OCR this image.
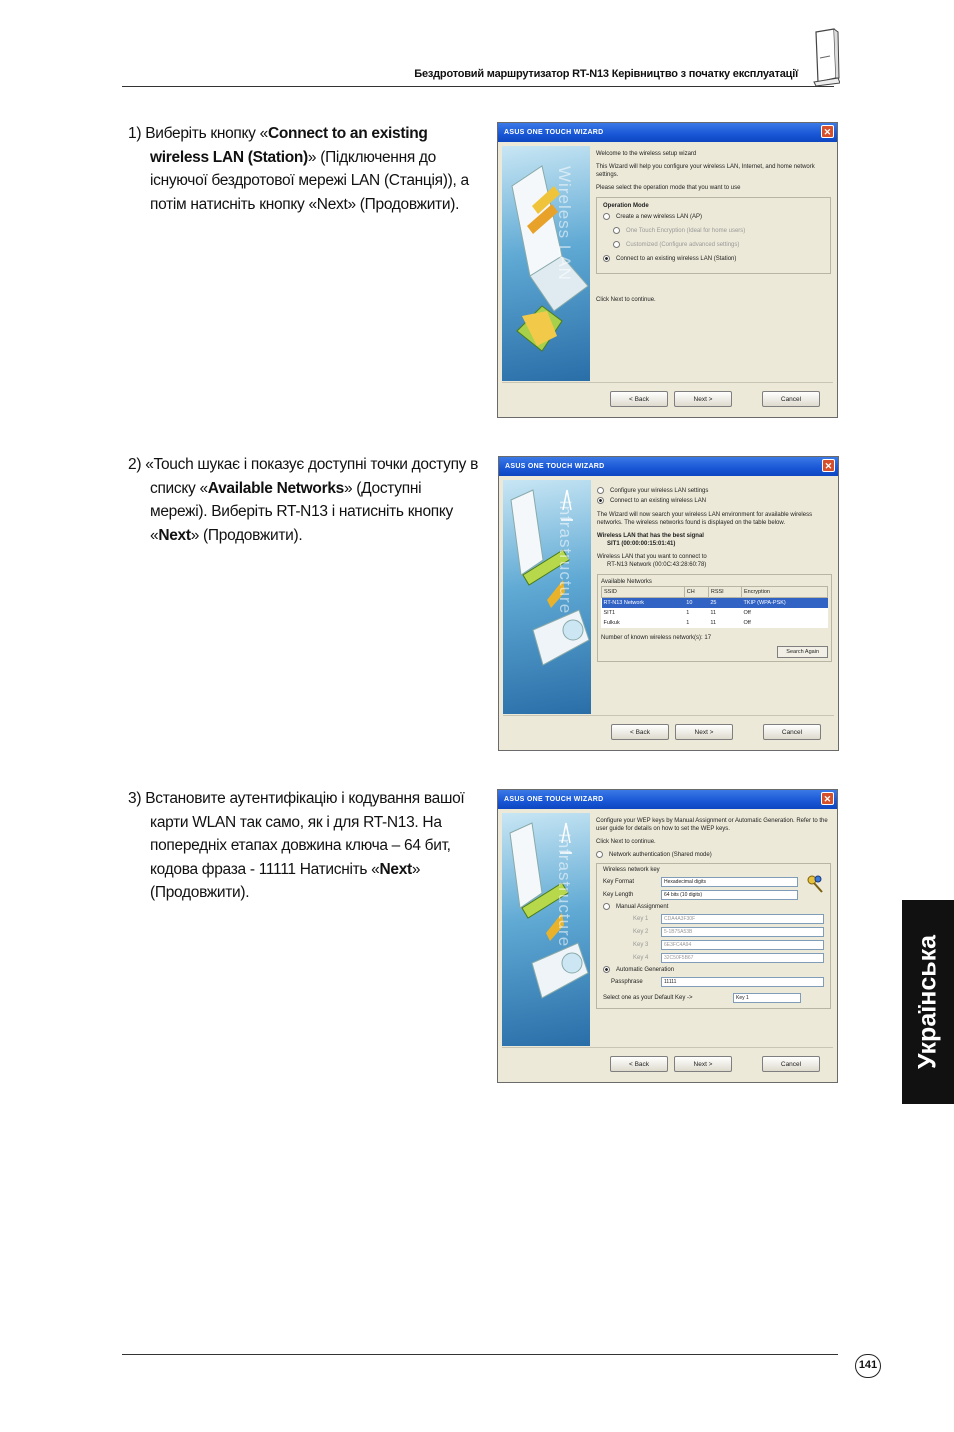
Бездротовий маршрутизатор RT-N13 Керівництво з початку експлуатації
Українська
1) Виберіть кнопку «Connect to an existing wireless LAN (Station)» (Підключення до існуючої бездротової мережі LAN (Станція)), а потім натисніть кнопку «Next» (Продовжити).
2) «Touch шукає і показує доступні точки доступу в списку «Available Networks» (Доступні мережі). Виберіть RT-N13 і натисніть кнопку «Next» (Продовжити).
3) Встановите аутентифікацію і кодування вашої карти WLAN так само, як і для RT-N13. На попередніх етапах довжина ключа – 64 бит, кодова фраза - 11111 Натисніть «Next» (Продовжити).
ASUS ONE TOUCH WIZARD	✕
Wireless LAN

Welcome to the wireless setup wizard

This Wizard will help you configure your wireless LAN, Internet, and home network settings.

Please select the operation mode that you want to use

Operation Mode
Create a new wireless LAN (AP)
One Touch Encryption (Ideal for home users)
Customized (Configure advanced settings)
Connect to an existing wireless LAN (Station)

Click Next to continue.

< Back	Next >	Cancel
ASUS ONE TOUCH WIZARD	✕
Infrastructure
Configure your wireless LAN settings
Connect to an existing wireless LAN

The Wizard will now search your wireless LAN environment for available wireless networks. The wireless networks found is displayed on the table below.

Wireless LAN that has the best signal

SIT1 (00:00:00:15:01:41)

Wireless LAN that you want to connect to

RT-N13 Network (00:0C:43:28:60:78)

Available Networks
SSID	CH	RSSI	Encryption
RT-N13 Network	10	25	TKIP (WPA-PSK)
SIT1	1	11	Off
Fulkuk	1	11	Off

Number of known wireless network(s): 17

Search Again
< Back	Next >	Cancel
ASUS ONE TOUCH WIZARD	✕
Infrastructure

Configure your WEP keys by Manual Assignment or Automatic Generation. Refer to the user guide for details on how to set the WEP keys.

Click Next to continue.

Network authentication (Shared mode)
Wireless network key
Key Format	Hexadecimal digits
Key Length	64 bits (10 digits)
Manual Assignment
Key 1	CDA4A3F30F
Key 2	5-1B75A53B
Key 3	6E3FC4A94
Key 4	32C50F5B67
Automatic Generation
Passphrase	11111
Select one as your Default Key ->	Key 1
< Back	Next >	Cancel
141
